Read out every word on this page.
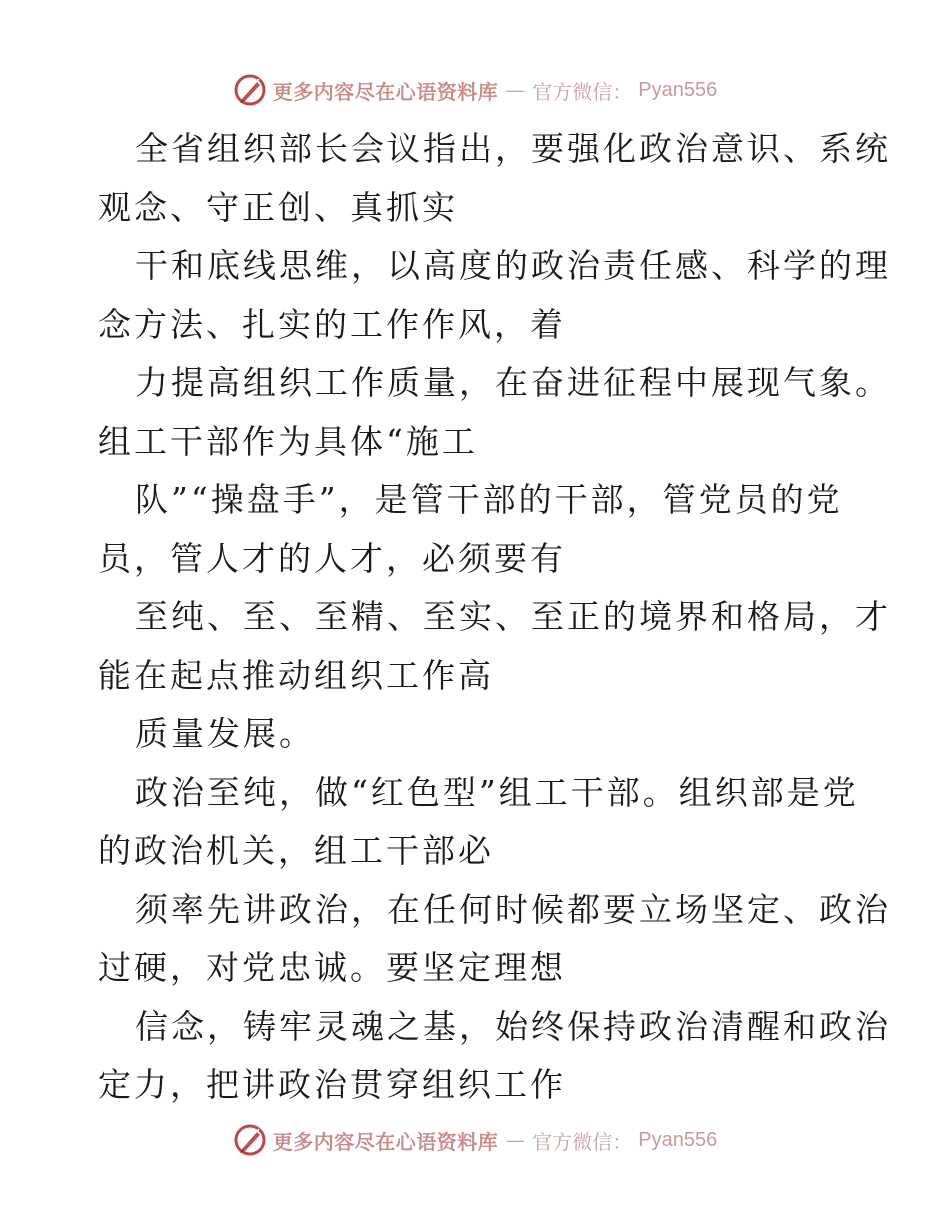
更多内容尽在心语资料库 — 官方微信： Pyan556
全省组织部长会议指出，要强化政治意识、系统
观念、守正创、真抓实
干和底线思维，以高度的政治责任感、科学的理
念方法、扎实的工作作风，着
力提高组织工作质量，在奋进征程中展现气象。
组工干部作为具体“施工
队”“操盘手”，是管干部的干部，管党员的党
员，管人才的人才，必须要有
至纯、至、至精、至实、至正的境界和格局，才
能在起点推动组织工作高
质量发展。
政治至纯，做“红色型”组工干部。组织部是党
的政治机关，组工干部必
须率先讲政治，在任何时候都要立场坚定、政治
过硬，对党忠诚。要坚定理想
信念，铸牢灵魂之基，始终保持政治清醒和政治
定力，把讲政治贯穿组织工作
更多内容尽在心语资料库 — 官方微信： Pyan556
